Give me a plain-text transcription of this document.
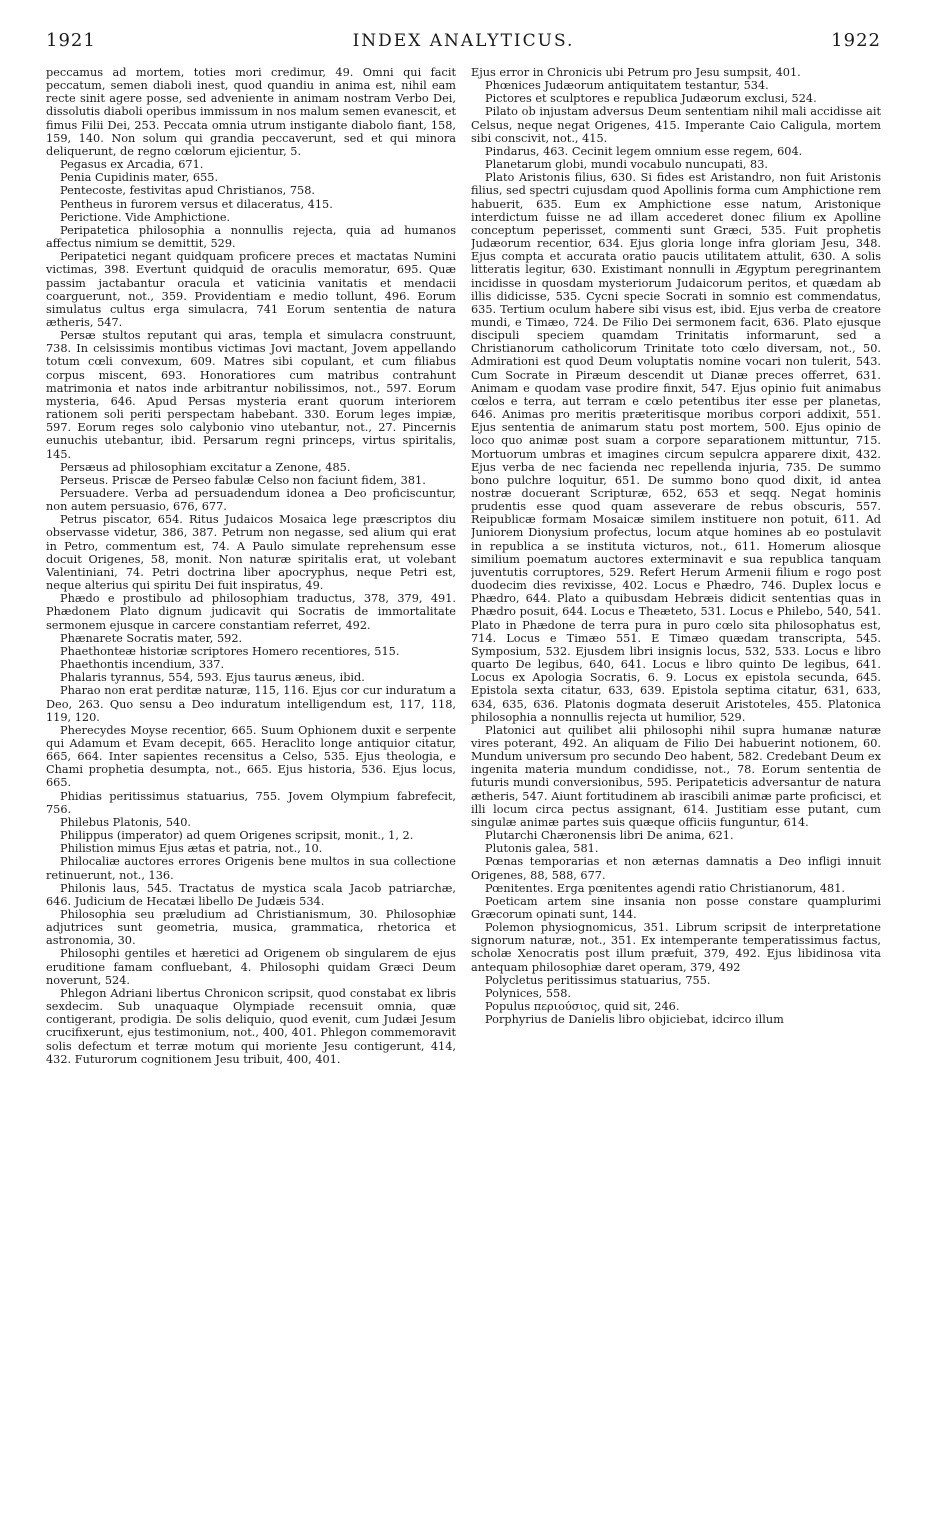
1921	INDEX ANALYTICUS.	1922

peccamus ad mortem, toties mori credimur, 49. Omni qui facit peccatum, semen diaboli inest, quod quandiu in anima est, nihil eam recte sinit agere posse, sed adveniente in animam nostram Verbo Dei, dissolutis diaboli operibus immissum in nos malum semen evanescit, et fimus Filii Dei, 253. Peccata omnia utrum instigante diabolo fiant, 158, 159, 140. Non solum qui grandia peccaverunt, sed et qui minora deliquerunt, de regno cœlorum ejicientur, 5.

Pegasus ex Arcadia, 671.

Penia Cupidinis mater, 655.

Pentecoste, festivitas apud Christianos, 758.

Pentheus in furorem versus et dilaceratus, 415.

Perictione. Vide Amphictione.

Peripatetica philosophia a nonnullis rejecta, quia ad humanos affectus nimium se demittit, 529.

Peripatetici negant quidquam proficere preces et mactatas Numini victimas, 398. Evertunt quidquid de oraculis memoratur, 695. Quæ passim jactabantur oracula et vaticinia vanitatis et mendacii coarguerunt, not., 359. Providentiam e medio tollunt, 496. Eorum simulatus cultus erga simulacra, 741 Eorum sententia de natura ætheris, 547.

Persæ stultos reputant qui aras, templa et simulacra construunt, 738. In celsissimis montibus victimas Jovi mactant, Jovem appellando totum cœli convexum, 609. Matres sibi copulant, et cum filiabus corpus miscent, 693. Honoratiores cum matribus contrahunt matrimonia et natos inde arbitrantur nobilissimos, not., 597. Eorum mysteria, 646. Apud Persas mysteria erant quorum interiorem rationem soli periti perspectam habebant. 330. Eorum leges impiæ, 597. Eorum reges solo calybonio vino utebantur, not., 27. Pincernis eunuchis utebantur, ibid. Persarum regni princeps, virtus spiritalis, 145.

Persæus ad philosophiam excitatur a Zenone, 485.

Perseus. Priscæ de Perseo fabulæ Celso non faciunt fidem, 381.

Persuadere. Verba ad persuadendum idonea a Deo proficiscuntur, non autem persuasio, 676, 677.

Petrus piscator, 654. Ritus Judaicos Mosaica lege præscriptos diu observasse videtur, 386, 387. Petrum non negasse, sed alium qui erat in Petro, commentum est, 74. A Paulo simulate reprehensum esse docuit Origenes, 58, monit. Non naturæ spiritalis erat, ut volebant Valentiniani, 74. Petri doctrina liber apocryphus, neque Petri est, neque alterius qui spiritu Dei fuit inspiratus, 49.

Phædo e prostibulo ad philosophiam traductus, 378, 379, 491. Phædonem Plato dignum judicavit qui Socratis de immortalitate sermonem ejusque in carcere constantiam referret, 492.

Phænarete Socratis mater, 592.

Phaethonteæ historiæ scriptores Homero recentiores, 515.

Phaethontis incendium, 337.

Phalaris tyrannus, 554, 593. Ejus taurus æneus, ibid.

Pharao non erat perditæ naturæ, 115, 116. Ejus cor cur induratum a Deo, 263. Quo sensu a Deo induratum intelligendum est, 117, 118, 119, 120.

Pherecydes Moyse recentior, 665. Suum Ophionem duxit e serpente qui Adamum et Evam decepit, 665. Heraclito longe antiquior citatur, 665, 664. Inter sapientes recensitus a Celso, 535. Ejus theologia, e Chami prophetia desumpta, not., 665. Ejus historia, 536. Ejus locus, 665.

Phidias peritissimus statuarius, 755. Jovem Olympium fabrefecit, 756.

Philebus Platonis, 540.

Philippus (imperator) ad quem Origenes scripsit, monit., 1, 2.

Philistion mimus Ejus ætas et patria, not., 10.

Philocaliæ auctores errores Origenis bene multos in sua collectione retinuerunt, not., 136.

Philonis laus, 545. Tractatus de mystica scala Jacob patriarchæ, 646. Judicium de Hecatæi libello De Judæis 534.

Philosophia seu præludium ad Christianismum, 30. Philosophiæ adjutrices sunt geometria, musica, grammatica, rhetorica et astronomia, 30.

Philosophi gentiles et hæretici ad Origenem ob singularem de ejus eruditione famam confluebant, 4. Philosophi quidam Græci Deum noverunt, 524.

Phlegon Adriani libertus Chronicon scripsit, quod constabat ex libris sexdecim. Sub unaquaque Olympiade recensuit omnia, quæ contigerant, prodigia. De solis deliquio, quod evenit, cum Judæi Jesum crucifixerunt, ejus testimonium, not., 400, 401. Phlegon commemoravit solis defectum et terræ motum qui moriente Jesu contigerunt, 414, 432. Futurorum cognitionem Jesu tribuit, 400, 401.

Ejus error in Chronicis ubi Petrum pro Jesu sumpsit, 401.

Phœnices Judæorum antiquitatem testantur, 534.

Pictores et sculptores e republica Judæorum exclusi, 524.

Pilato ob injustam adversus Deum sententiam nihil mali accidisse ait Celsus, neque negat Origenes, 415. Imperante Caio Caligula, mortem sibi conscivit, not., 415.

Pindarus, 463. Cecinit legem omnium esse regem, 604.

Planetarum globi, mundi vocabulo nuncupati, 83.

Plato Aristonis filius, 630. Si fides est Aristandro, non fuit Aristonis filius, sed spectri cujusdam quod Apollinis forma cum Amphictione rem habuerit, 635. Eum ex Amphictione esse natum, Aristonique interdictum fuisse ne ad illam accederet donec filium ex Apolline conceptum peperisset, commenti sunt Græci, 535. Fuit prophetis Judæorum recentior, 634. Ejus gloria longe infra gloriam Jesu, 348. Ejus compta et accurata oratio paucis utilitatem attulit, 630. A solis litteratis legitur, 630. Existimant nonnulli in Ægyptum peregrinantem incidisse in quosdam mysteriorum Judaicorum peritos, et quædam ab illis didicisse, 535. Cycni specie Socrati in somnio est commendatus, 635. Tertium oculum habere sibi visus est, ibid. Ejus verba de creatore mundi, e Timæo, 724. De Filio Dei sermonem facit, 636. Plato ejusque discipuli speciem quamdam Trinitatis informarunt, sed a Christianorum catholicorum Trinitate toto cœlo diversam, not., 50. Admirationi est quod Deum voluptatis nomine vocari non tulerit, 543. Cum Socrate in Piræum descendit ut Dianæ preces offerret, 631. Animam e quodam vase prodire finxit, 547. Ejus opinio fuit animabus cœlos e terra, aut terram e cœlo petentibus iter esse per planetas, 646. Animas pro meritis præteritisque moribus corpori addixit, 551. Ejus sententia de animarum statu post mortem, 500. Ejus opinio de loco quo animæ post suam a corpore separationem mittuntur, 715. Mortuorum umbras et imagines circum sepulcra apparere dixit, 432. Ejus verba de nec facienda nec repellenda injuria, 735. De summo bono pulchre loquitur, 651. De summo bono quod dixit, id antea nostræ docuerant Scripturæ, 652, 653 et seqq. Negat hominis prudentis esse quod quam asseverare de rebus obscuris, 557. Reipublicæ formam Mosaicæ similem instituere non potuit, 611. Ad Juniorem Dionysium profectus, locum atque homines ab eo postulavit in republica a se instituta victuros, not., 611. Homerum aliosque similium poematum auctores exterminavit e sua republica tanquam juventutis corruptores, 529. Refert Herum Armenii filium e rogo post duodecim dies revixisse, 402. Locus e Phædro, 746. Duplex locus e Phædro, 644. Plato a quibusdam Hebræis didicit sententias quas in Phædro posuit, 644. Locus e Theæteto, 531. Locus e Philebo, 540, 541. Plato in Phædone de terra pura in puro cœlo sita philosophatus est, 714. Locus e Timæo 551. E Timæo quædam transcripta, 545. Symposium, 532. Ejusdem libri insignis locus, 532, 533. Locus e libro quarto De legibus, 640, 641. Locus e libro quinto De legibus, 641. Locus ex Apologia Socratis, 6. 9. Locus ex epistola secunda, 645. Epistola sexta citatur, 633, 639. Epistola septima citatur, 631, 633, 634, 635, 636. Platonis dogmata deseruit Aristoteles, 455. Platonica philosophia a nonnullis rejecta ut humilior, 529.

Platonici aut quilibet alii philosophi nihil supra humanæ naturæ vires poterant, 492. An aliquam de Filio Dei habuerint notionem, 60. Mundum universum pro secundo Deo habent, 582. Credebant Deum ex ingenita materia mundum condidisse, not., 78. Eorum sententia de futuris mundi conversionibus, 595. Peripateticis adversantur de natura ætheris, 547. Aiunt fortitudinem ab irascibili animæ parte proficisci, et illi locum circa pectus assignant, 614. Justitiam esse putant, cum singulæ animæ partes suis quæque officiis funguntur, 614.

Plutarchi Chæronensis libri De anima, 621.

Plutonis galea, 581.

Pœnas temporarias et non æternas damnatis a Deo infligi innuit Origenes, 88, 588, 677.

Pœnitentes. Erga pœnitentes agendi ratio Christianorum, 481.

Poeticam artem sine insania non posse constare quamplurimi Græcorum opinati sunt, 144.

Polemon physiognomicus, 351. Librum scripsit de interpretatione signorum naturæ, not., 351. Ex intemperante temperatissimus factus, scholæ Xenocratis post illum præfuit, 379, 492. Ejus libidinosa vita antequam philosophiæ daret operam, 379, 492

Polycletus peritissimus statuarius, 755.

Polynices, 558.

Populus περιούσιος, quid sit, 246.

Porphyrius de Danielis libro objiciebat, idcirco illum
